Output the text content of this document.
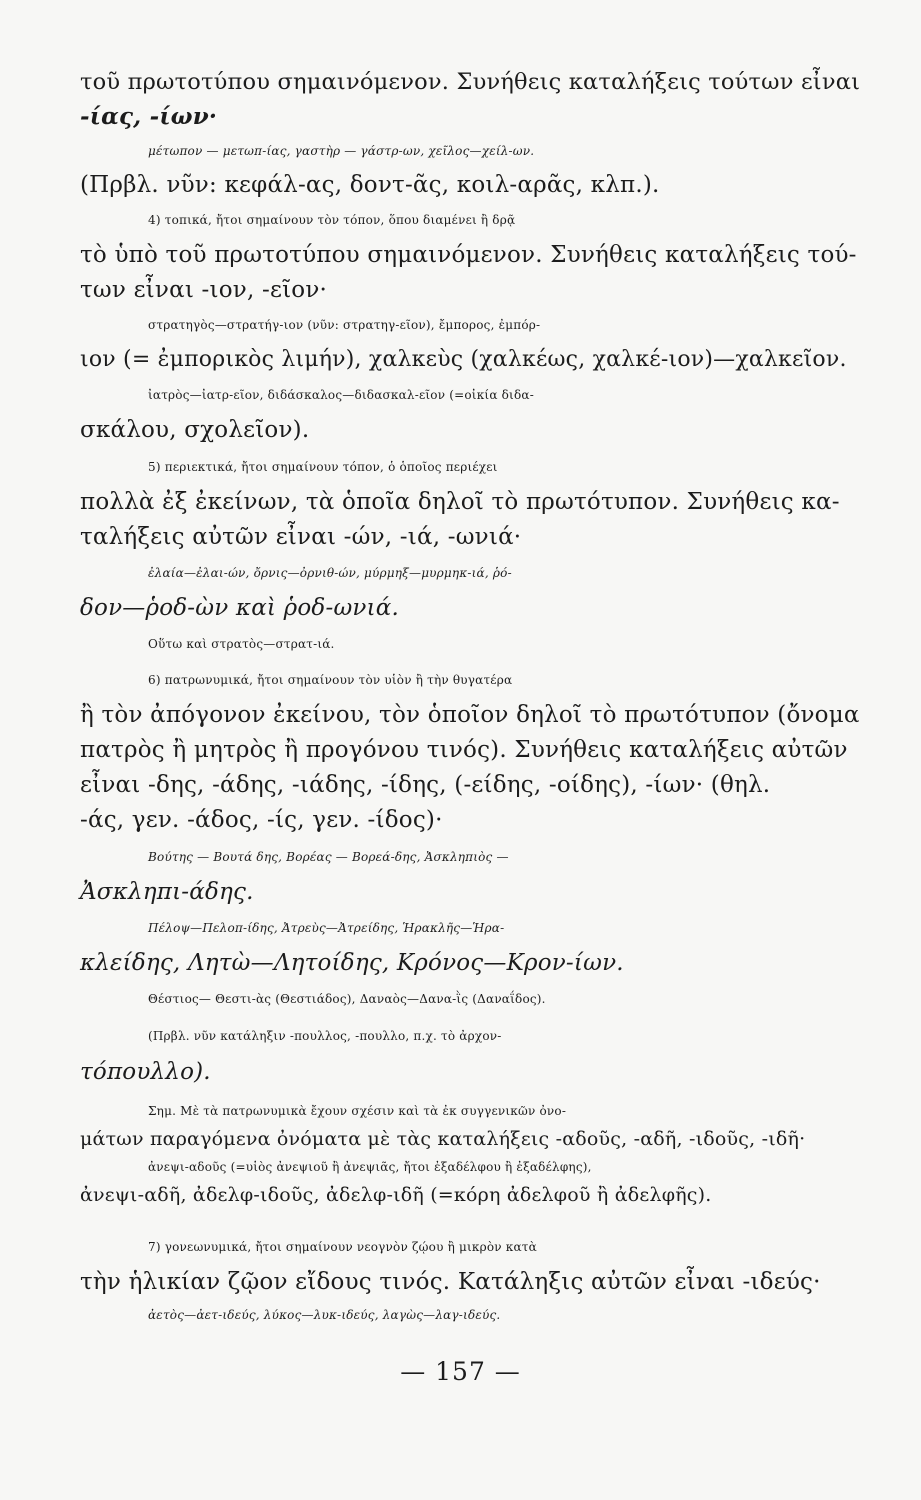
τοῦ πρωτοτύπου σημαινόμενον. Συνήθεις καταλήξεις τούτων εἶναι
-ίας, -ίων·
μέτωπον — μετωπ-ίας, γαστὴρ — γάστρ-ων, χεῖλος—χείλ-ων.
(Πρβλ. νῦν: κεφάλ-ας, δοντ-ᾶς, κοιλ-αρᾶς, κλπ.).
4) τοπικά, ἤτοι σημαίνουν τὸν τόπον, ὅπου διαμένει ἢ δρᾷ
τὸ ὑπὸ τοῦ πρωτοτύπου σημαινόμενον. Συνήθεις καταλήξεις τού-
των εἶναι -ιον, -εῖον·
στρατηγὸς—στρατήγ-ιον (νῦν: στρατηγ-εῖον), ἔμπορος, ἐμπόρ-
ιον (= ἐμπορικὸς λιμήν), χαλκεὺς (χαλκέως, χαλκέ-ιον)—χαλκεῖον.
ἰατρὸς—ἰατρ-εῖον, διδάσκαλος—διδασκαλ-εῖον (=οἰκία διδα-
σκάλου, σχολεῖον).
5) περιεκτικά, ἤτοι σημαίνουν τόπον, ὁ ὁποῖος περιέχει
πολλὰ ἐξ ἐκείνων, τὰ ὁποῖα δηλοῖ τὸ πρωτότυπον. Συνήθεις κα-
ταλήξεις αὐτῶν εἶναι -ών, -ιά, -ωνιά·
ἐλαία—ἐλαι-ών, ὄρνις—ὀρνιθ-ών, μύρμηξ—μυρμηκ-ιά, ῥό-
δον—ῥοδ-ὼν καὶ ῥοδ-ωνιά.
Οὕτω καὶ στρατὸς—στρατ-ιά.
6) πατρωνυμικά, ἤτοι σημαίνουν τὸν υἱὸν ἢ τὴν θυγατέρα
ἢ τὸν ἀπόγονον ἐκείνου, τὸν ὁποῖον δηλοῖ τὸ πρωτότυπον (ὄνομα
πατρὸς ἢ μητρὸς ἢ προγόνου τινός). Συνήθεις καταλήξεις αὐτῶν
εἶναι -δης, -άδης, -ιάδης, -ίδης, (-είδης, -οίδης), -ίων· (θηλ.
-άς, γεν. -άδος, -ίς, γεν. -ίδος)·
Βούτης — Βουτά δης, Βορέας — Βορεά-δης, Ἀσκληπιὸς —
Ἀσκληπι-άδης.
Πέλοψ—Πελοπ-ίδης, Ἀτρεὺς—Ἀτρείδης, Ἡρακλῆς—Ἡρα-
κλείδης, Λητὼ—Λητοίδης, Κρόνος—Κρον-ίων.
Θέστιος— Θεστι-ὰς (Θεστιάδος), Δαναὸς—Δανα-ῒς (Δαναΐδος).
(Πρβλ. νῦν κατάληξιν -πουλλος, -πουλλο, π.χ. τὸ ἀρχον-
τόπουλλο).
Σημ. Μὲ τὰ πατρωνυμικὰ ἔχουν σχέσιν καὶ τὰ ἐκ συγγενικῶν ὀνο-
μάτων παραγόμενα ὀνόματα μὲ τὰς καταλήξεις -αδοῦς, -αδῆ, -ιδοῦς, -ιδῆ·
ἀνεψι-αδοῦς (=υἱὸς ἀνεψιοῦ ἢ ἀνεψιᾶς, ἤτοι ἐξαδέλφου ἢ ἐξαδέλφης),
ἀνεψι-αδῆ, ἀδελφ-ιδοῦς, ἀδελφ-ιδῆ (=κόρη ἀδελφοῦ ἢ ἀδελφῆς).
7) γονεωνυμικά, ἤτοι σημαίνουν νεογνὸν ζῴου ἢ μικρὸν κατὰ
τὴν ἡλικίαν ζῷον εἴδους τινός. Κατάληξις αὐτῶν εἶναι -ιδεύς·
ἀετὸς—ἀετ-ιδεύς, λύκος—λυκ-ιδεύς, λαγὼς—λαγ-ιδεύς.
— 157 —
